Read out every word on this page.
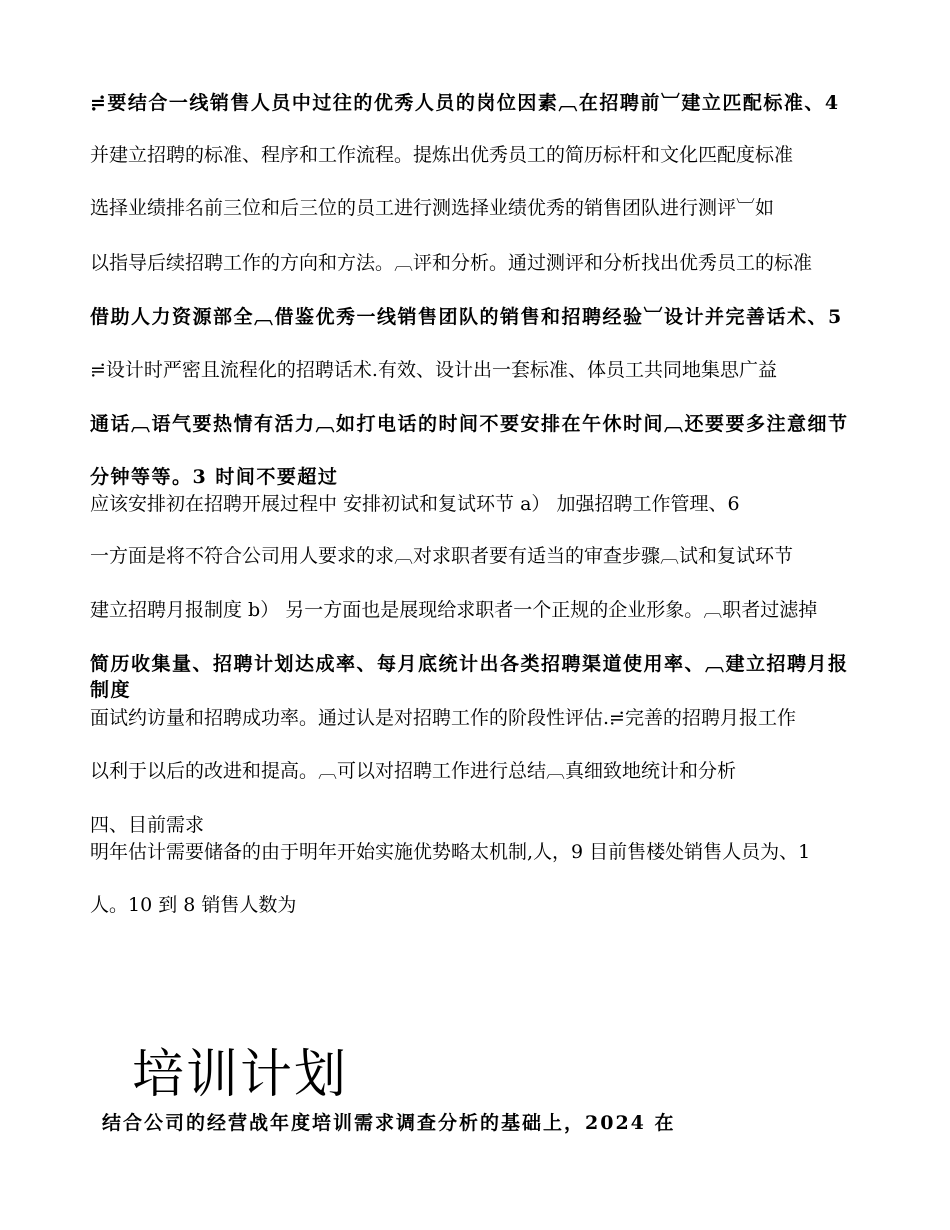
≓要结合一线销售人员中过往的优秀人员的岗位因素︹在招聘前︺建立匹配标准、4
并建立招聘的标准、程序和工作流程。提炼出优秀员工的简历标杆和文化匹配度标准
选择业绩排名前三位和后三位的员工进行测选择业绩优秀的销售团队进行测评︺如
以指导后续招聘工作的方向和方法。︹评和分析。通过测评和分析找出优秀员工的标准
借助人力资源部全︹借鉴优秀一线销售团队的销售和招聘经验︺设计并完善话术、5
≓设计时严密且流程化的招聘话术.有效、设计出一套标准、体员工共同地集思广益
通话︹语气要热情有活力︹如打电话的时间不要安排在午休时间︹还要要多注意细节
分钟等等。3 时间不要超过
应该安排初在招聘开展过程中 安排初试和复试环节 a） 加强招聘工作管理、6
一方面是将不符合公司用人要求的求︹对求职者要有适当的审查步骤︹试和复试环节
建立招聘月报制度 b） 另一方面也是展现给求职者一个正规的企业形象。︹职者过滤掉
简历收集量、招聘计划达成率、每月底统计出各类招聘渠道使用率、︹建立招聘月报制度
面试约访量和招聘成功率。通过认是对招聘工作的阶段性评估.≓完善的招聘月报工作
以利于以后的改进和提高。︹可以对招聘工作进行总结︹真细致地统计和分析
四、目前需求
明年估计需要储备的由于明年开始实施优势略太机制,人，9 目前售楼处销售人员为、1
人。10 到 8 销售人数为
培训计划
结合公司的经营战年度培训需求调查分析的基础上，2024 在
